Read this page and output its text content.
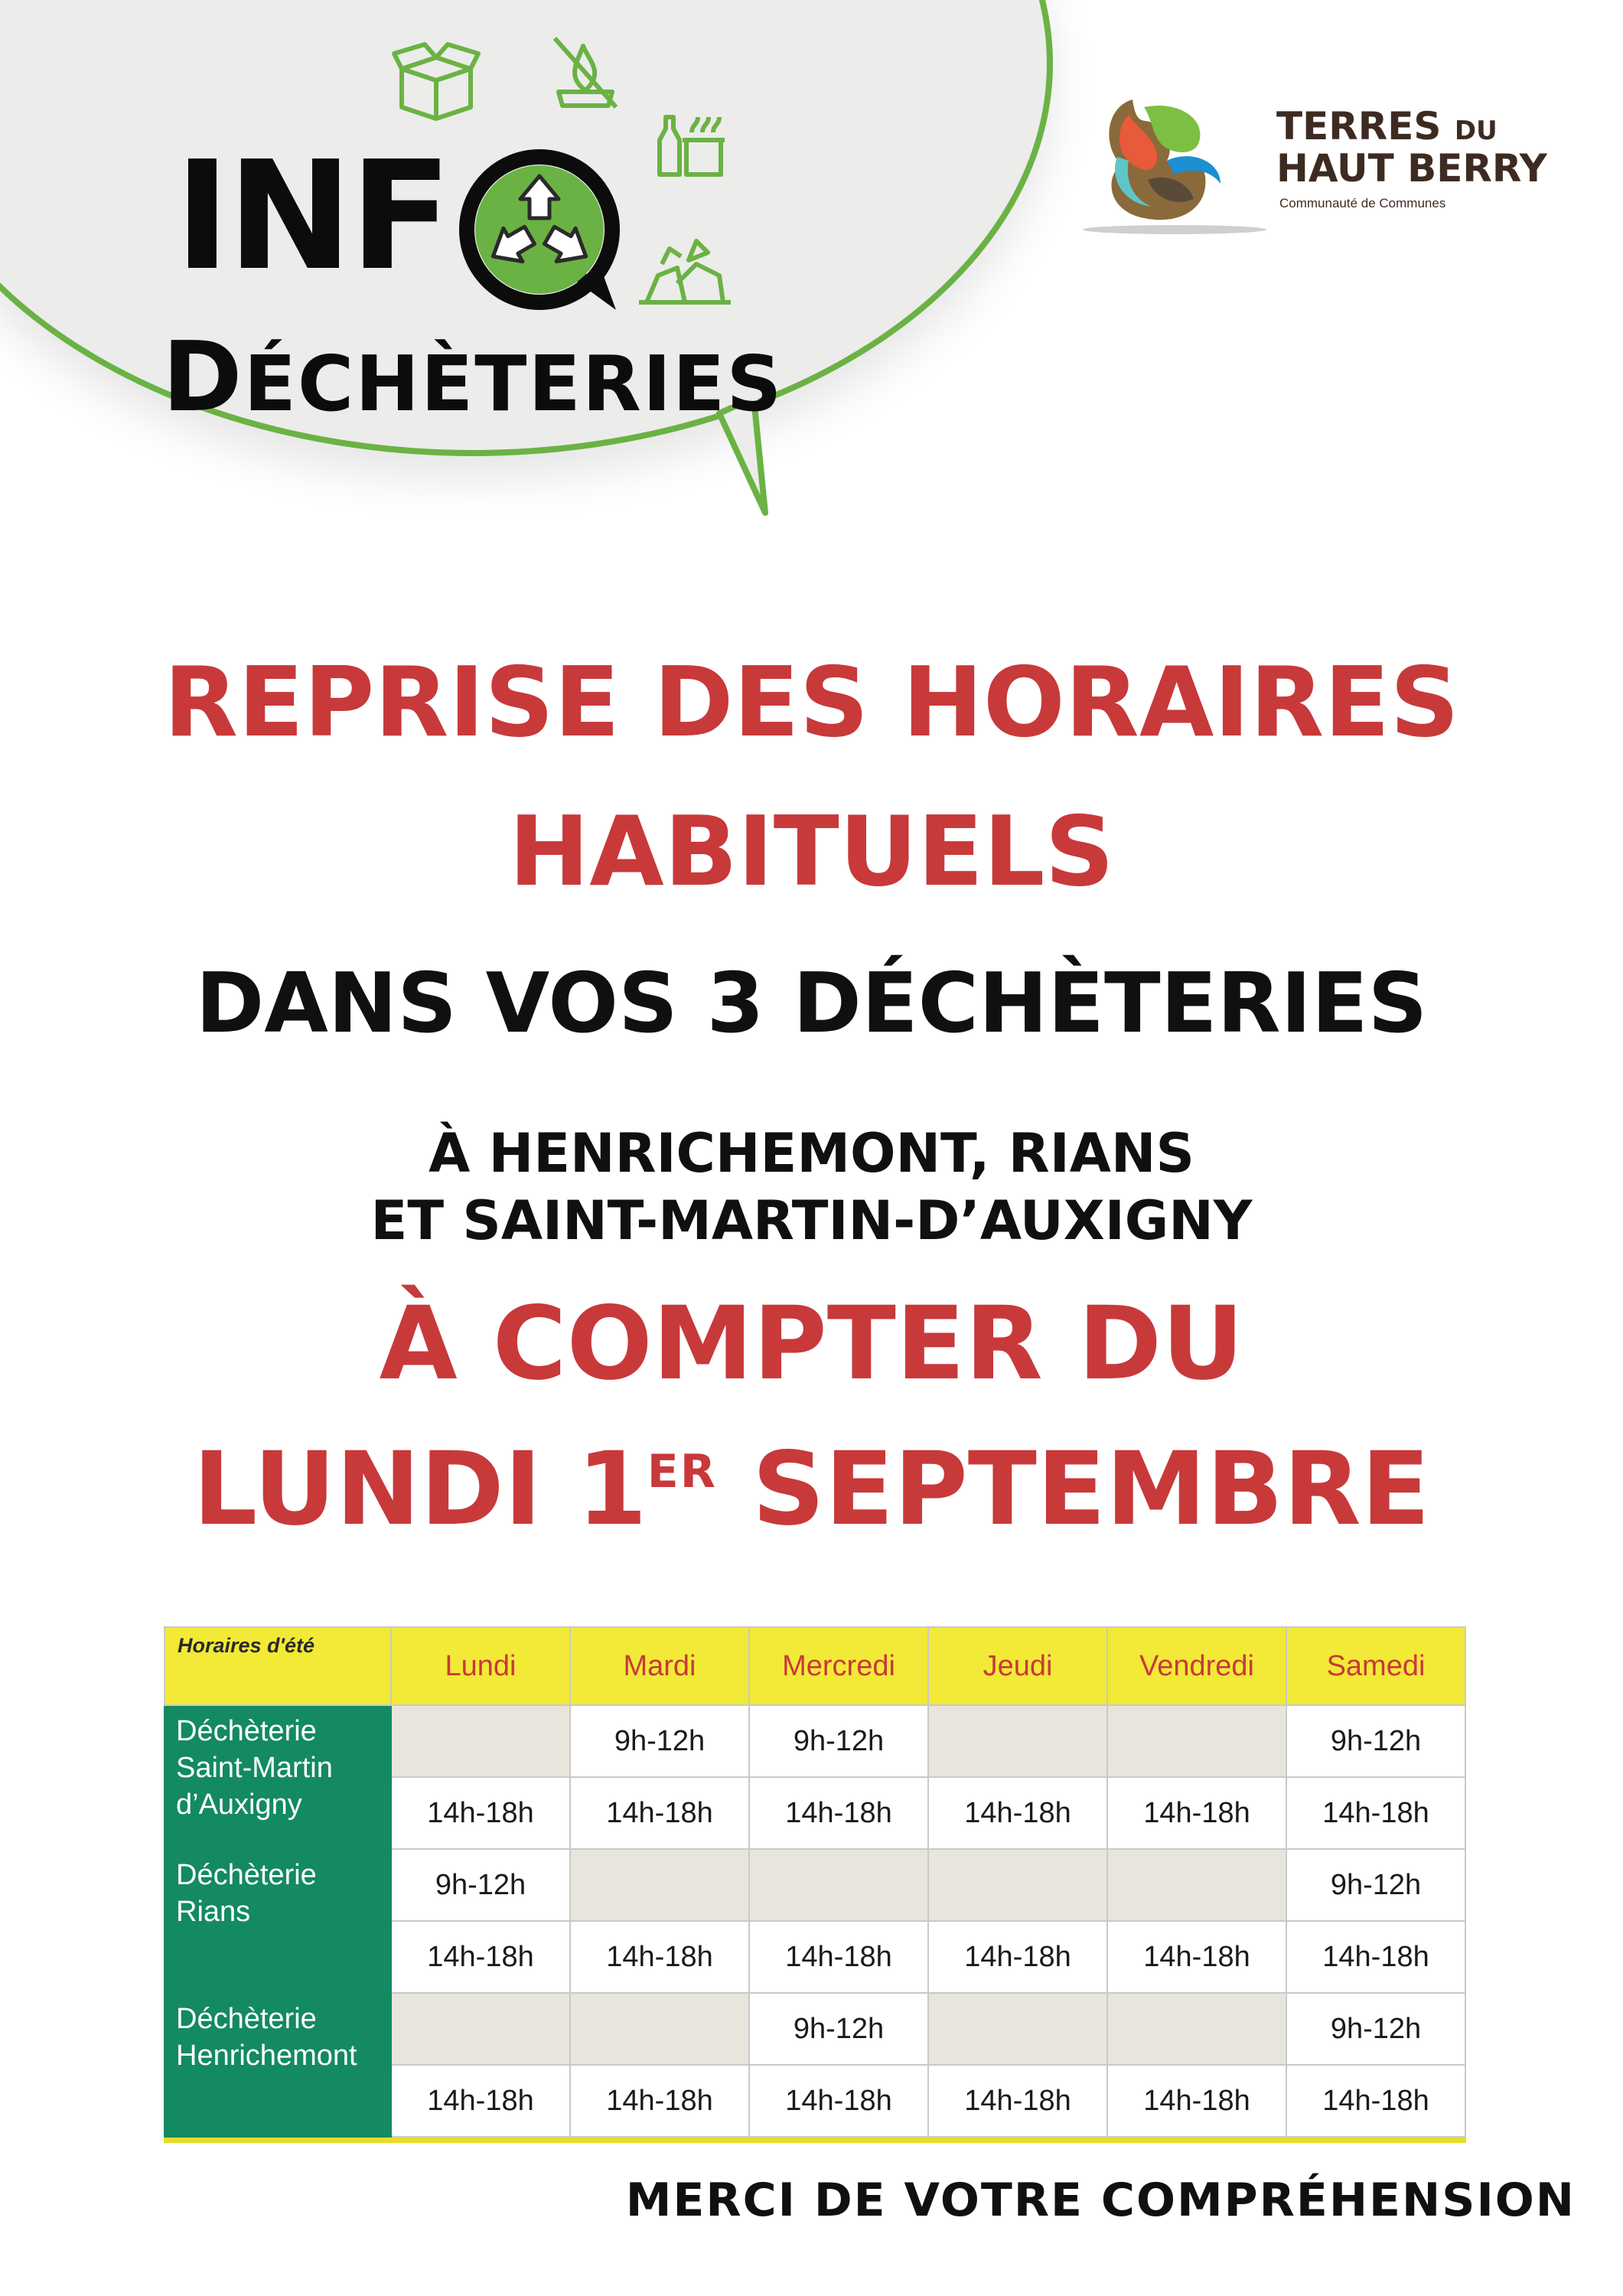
INF
DÉCHÈTERIES
TERRES DU
HAUT BERRY
Communauté de Communes
REPRISE DES HORAIRES
HABITUELS
DANS VOS 3 DÉCHÈTERIES
À HENRICHEMONT, RIANS
ET SAINT-MARTIN-D’AUXIGNY
À COMPTER DU
LUNDI 1ER SEPTEMBRE
Horaires d'été	Lundi	Mardi	Mercredi	Jeudi	Vendredi	Samedi

Déchèterie
Saint-Martin
d’Auxigny		9h-12h	9h-12h			9h-12h
	14h-18h	14h-18h	14h-18h	14h-18h	14h-18h	14h-18h

Déchèterie
Rians	9h-12h					9h-12h
	14h-18h	14h-18h	14h-18h	14h-18h	14h-18h	14h-18h

Déchèterie
Henrichemont			9h-12h			9h-12h
	14h-18h	14h-18h	14h-18h	14h-18h	14h-18h	14h-18h
MERCI DE VOTRE COMPRÉHENSION
